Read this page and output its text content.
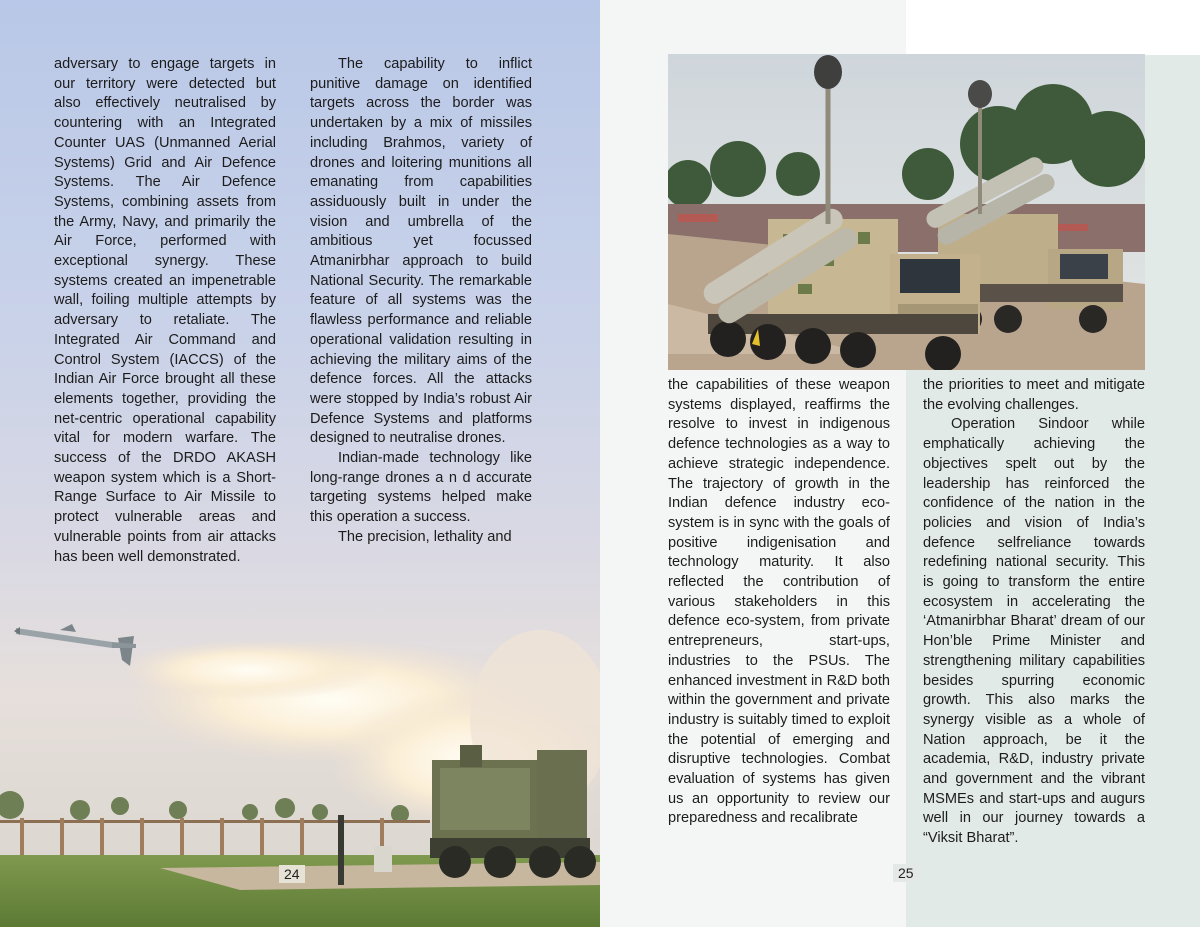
adversary to engage targets in our territory were detected but also effectively neutralised by countering with an Integrated Counter UAS (Unmanned Aerial Systems) Grid and Air Defence Systems. The Air Defence Systems, combining assets from the Army, Navy, and primarily the Air Force, performed with exceptional synergy. These systems created an impenetrable wall, foiling multiple attempts by adversary to retaliate. The Integrated Air Command and Control System (IACCS) of the Indian Air Force brought all these elements together, providing the net-centric operational capability vital for modern warfare. The success of the DRDO AKASH weapon system which is a Short-Range Surface to Air Missile to protect vulnerable areas and vulnerable points from air attacks has been well demonstrated.

The capability to inflict punitive damage on identified targets across the border was undertaken by a mix of missiles including Brahmos, variety of drones and loitering munitions all emanating from capabilities assiduously built in under the vision and umbrella of the ambitious yet focussed Atmanirbhar approach to build National Security. The remarkable feature of all systems was the flawless performance and reliable operational validation resulting in achieving the military aims of the defence forces. All the attacks were stopped by India’s robust Air Defence Systems and platforms designed to neutralise drones.

Indian-made technology like long-range drones a n d accurate targeting systems helped make this operation a success.

The precision, lethality and

24

the capabilities of these weapon systems displayed, reaffirms the resolve to invest in indigenous defence technologies as a way to achieve strategic independence. The trajectory of growth in the Indian defence industry eco-system is in sync with the goals of positive indigenisation and technology maturity. It also reflected the contribution of various stakeholders in this defence eco-system, from private entrepreneurs, start-ups, industries to the PSUs. The enhanced investment in R&D both within the government and private industry is suitably timed to exploit the potential of emerging and disruptive technologies. Combat evaluation of systems has given us an opportunity to review our preparedness and recalibrate

the priorities to meet and mitigate the evolving challenges.

Operation Sindoor while emphatically achieving the objectives spelt out by the leadership has reinforced the confidence of the nation in the policies and vision of India’s defence selfreliance towards redefining national security. This is going to transform the entire ecosystem in accelerating the ‘Atmanirbhar Bharat’ dream of our Hon’ble Prime Minister and strengthening military capabilities besides spurring economic growth. This also marks the synergy visible as a whole of Nation approach, be it the academia, R&D, industry private and government and the vibrant MSMEs and start-ups and augurs well in our journey towards a “Viksit Bharat”.

25
